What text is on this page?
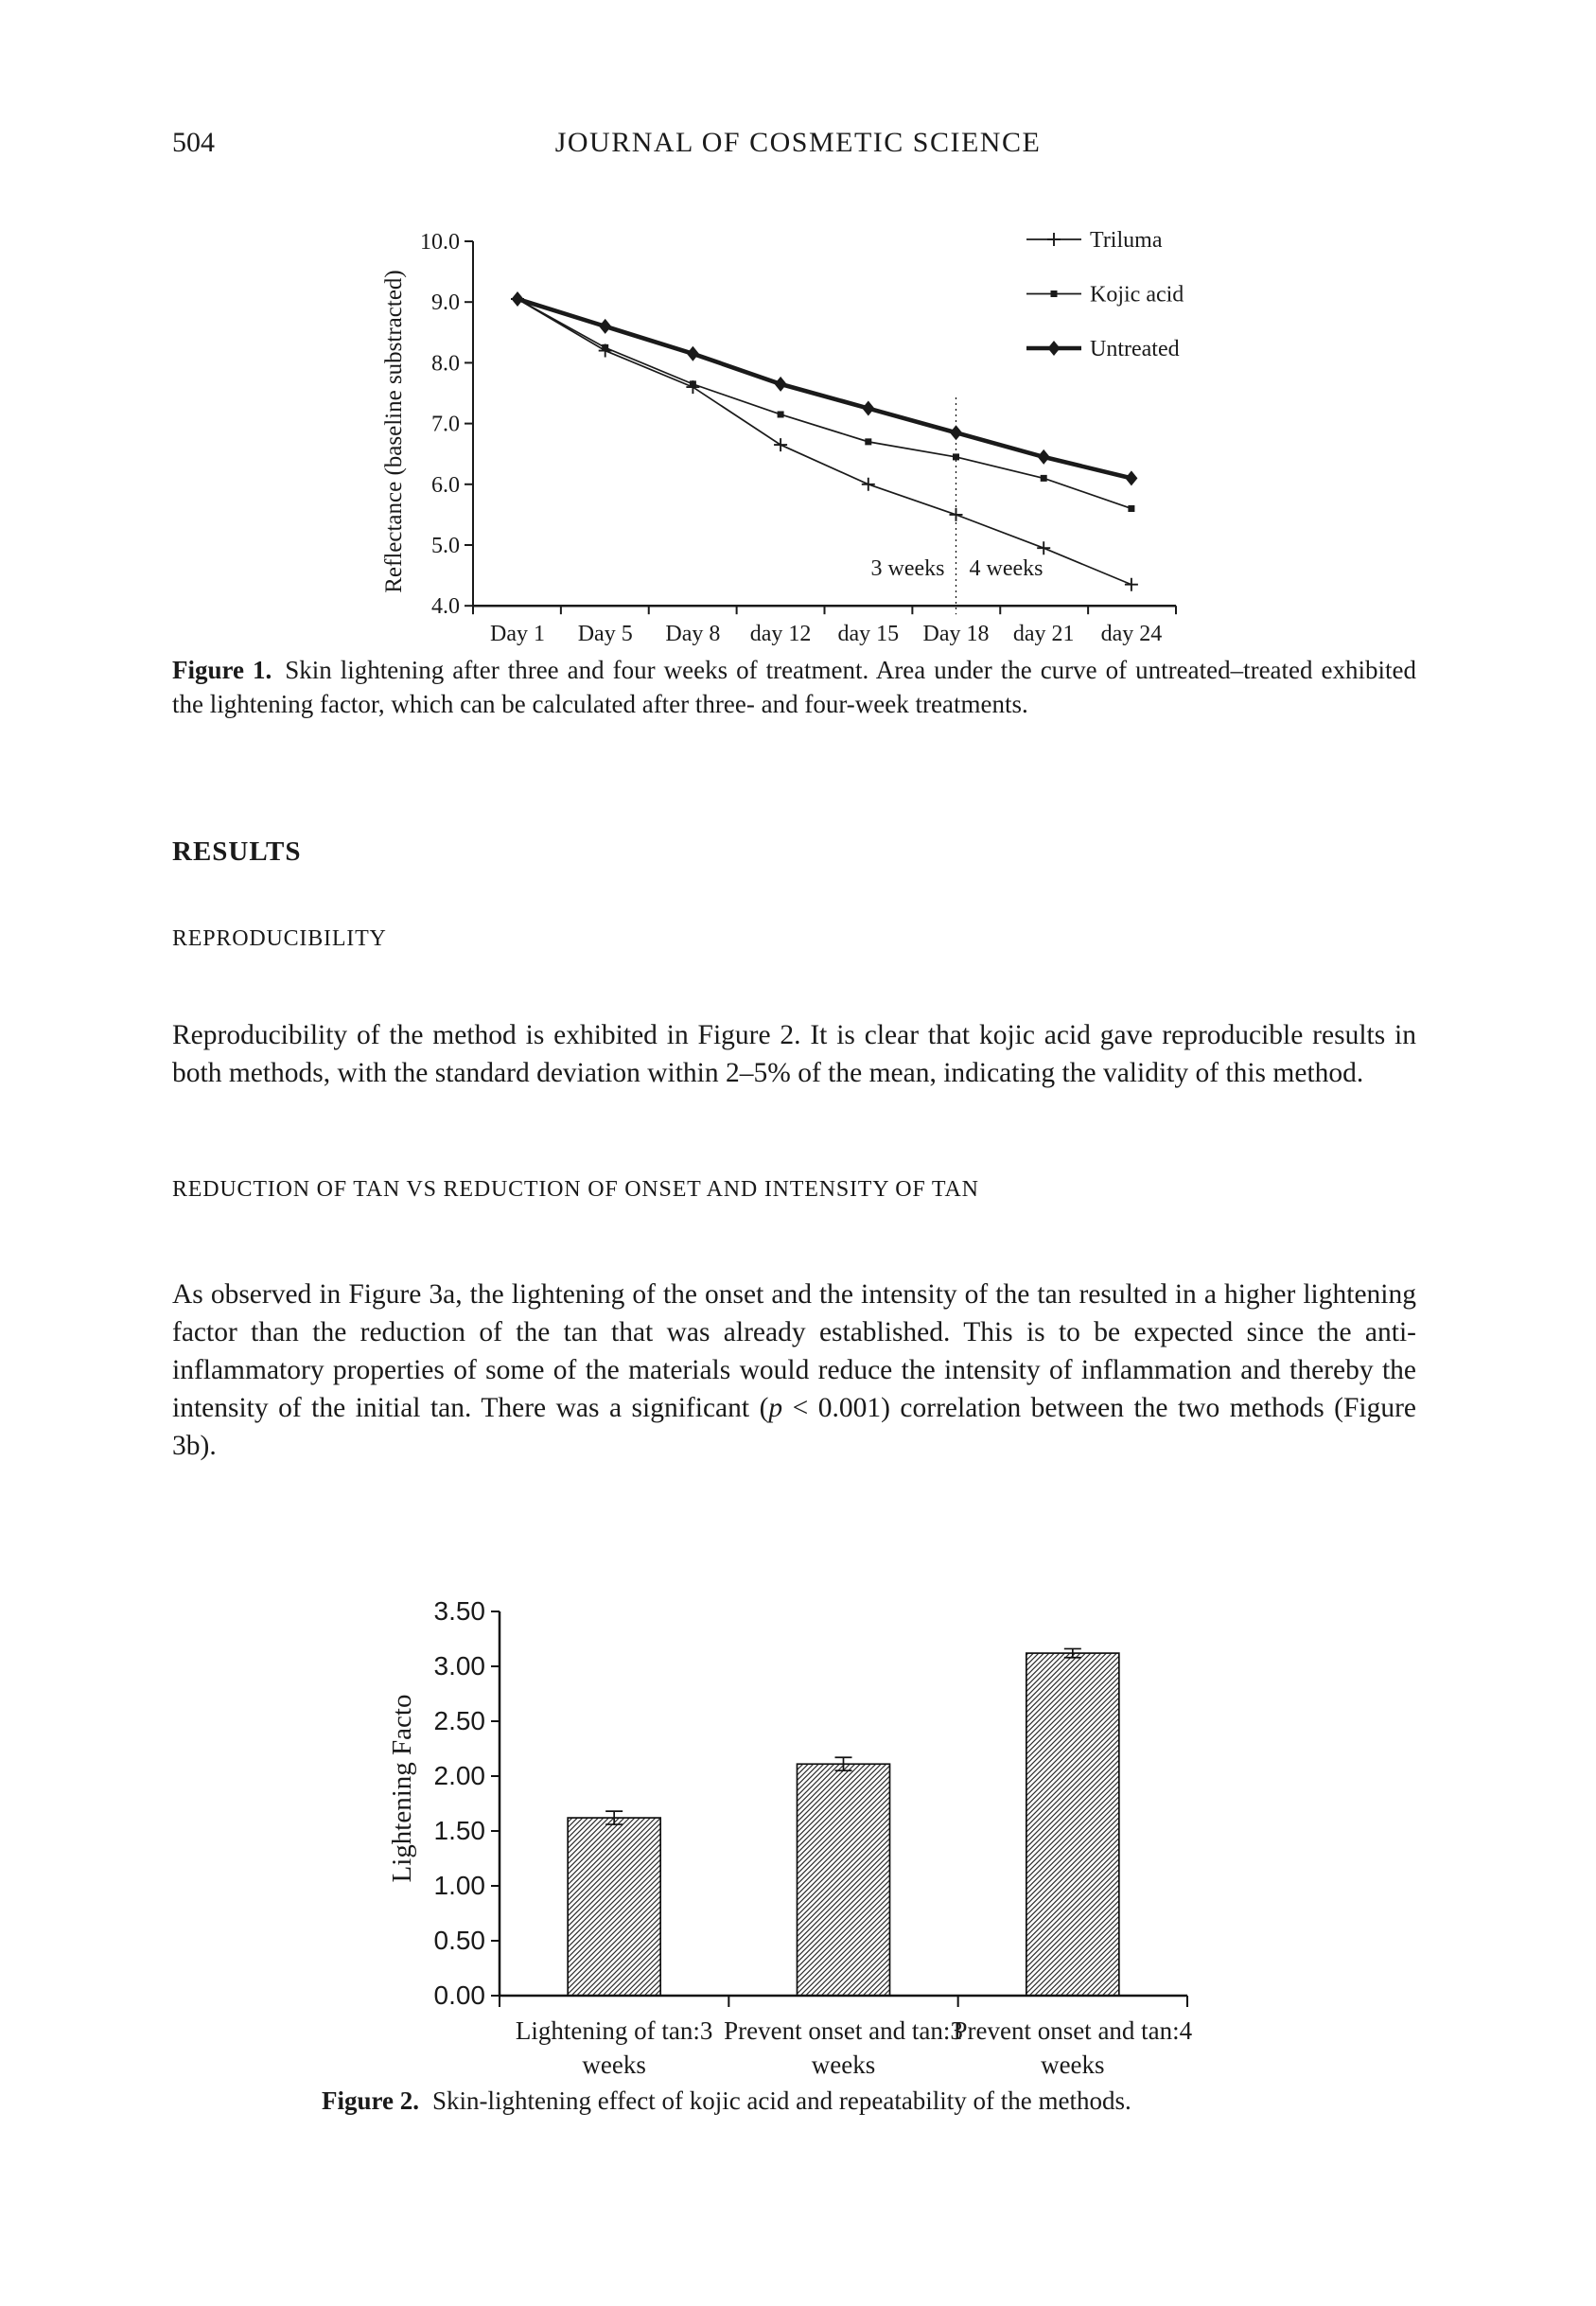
504	JOURNAL OF COSMETIC SCIENCE
10.0
9.0
8.0
7.0
6.0
5.0
4.0
Day 1 Day 5 Day 8 day 12 day 15 Day 18 day 21 day 24
3 weeks 4 weeks
Triluma
Kojic acid
Untreated
Reflectance (baseline substracted)
Figure 1. Skin lightening after three and four weeks of treatment. Area under the curve of untreated–treated exhibited the lightening factor, which can be calculated after three- and four-week treatments.
RESULTS
REPRODUCIBILITY

Reproducibility of the method is exhibited in Figure 2. It is clear that kojic acid gave reproducible results in both methods, with the standard deviation within 2–5% of the mean, indicating the validity of this method.

REDUCTION OF TAN VS REDUCTION OF ONSET AND INTENSITY OF TAN

As observed in Figure 3a, the lightening of the onset and the intensity of the tan resulted in a higher lightening factor than the reduction of the tan that was already established. This is to be expected since the anti-inflammatory properties of some of the materials would reduce the intensity of inflammation and thereby the intensity of the initial tan. There was a significant (p < 0.001) correlation between the two methods (Figure 3b).

0.00
0.50
1.00
1.50
2.00
2.50
3.00
3.50
Lightening of tan:3
weeks
Prevent onset and tan:3
weeks
Prevent onset and tan:4
weeks
Lightening Facto
Figure 2. Skin-lightening effect of kojic acid and repeatability of the methods.
